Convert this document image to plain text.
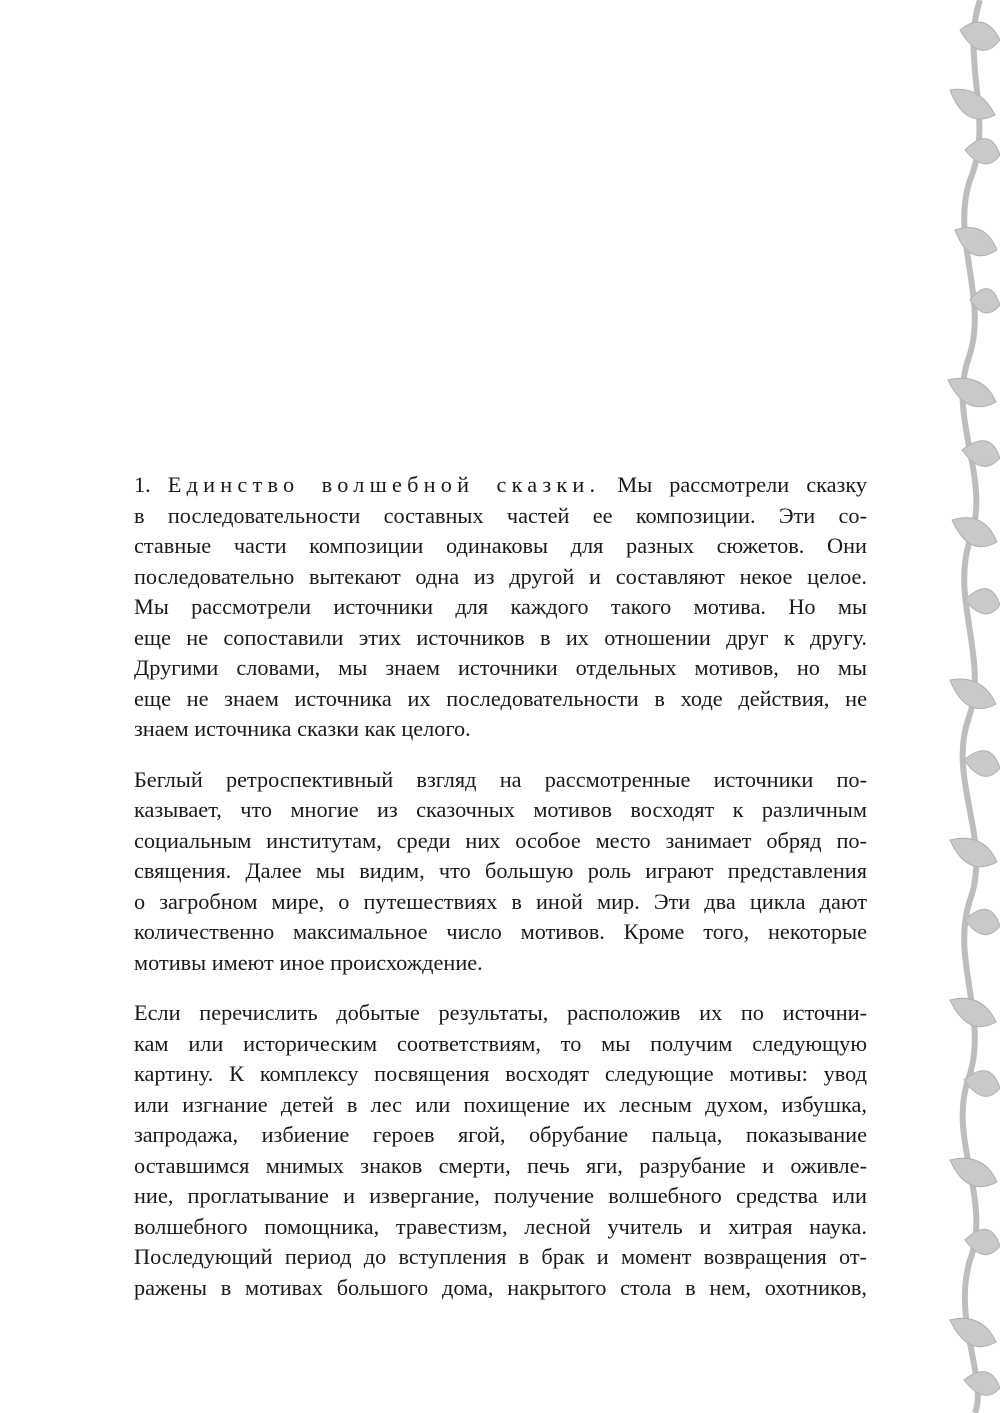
1. Единство волшебной сказки. Мы рассмотрели сказку
в последовательности составных частей ее композиции. Эти со-
ставные части композиции одинаковы для разных сюжетов. Они
последовательно вытекают одна из другой и составляют некое целое.
Мы рассмотрели источники для каждого такого мотива. Но мы
еще не сопоставили этих источников в их отношении друг к другу.
Другими словами, мы знаем источники отдельных мотивов, но мы
еще не знаем источника их последовательности в ходе действия, не
знаем источника сказки как целого.

Беглый ретроспективный взгляд на рассмотренные источники по-
казывает, что многие из сказочных мотивов восходят к различным
социальным институтам, среди них особое место занимает обряд по-
священия. Далее мы видим, что большую роль играют представления
о загробном мире, о путешествиях в иной мир. Эти два цикла дают
количественно максимальное число мотивов. Кроме того, некоторые
мотивы имеют иное происхождение.

Если перечислить добытые результаты, расположив их по источни-
кам или историческим соответствиям, то мы получим следующую
картину. К комплексу посвящения восходят следующие мотивы: увод
или изгнание детей в лес или похищение их лесным духом, избушка,
запродажа, избиение героев ягой, обрубание пальца, показывание
оставшимся мнимых знаков смерти, печь яги, разрубание и оживле-
ние, проглатывание и извергание, получение волшебного средства или
волшебного помощника, травестизм, лесной учитель и хитрая наука.
Последующий период до вступления в брак и момент возвращения от-
ражены в мотивах большого дома, накрытого стола в нем, охотников,
